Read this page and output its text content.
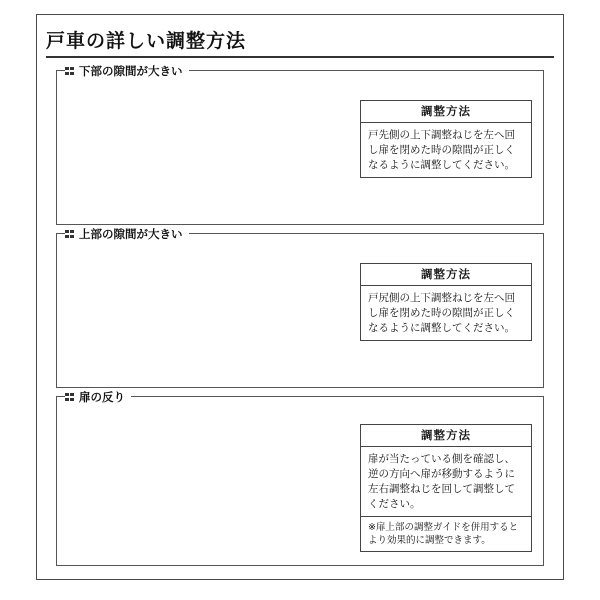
戸車の詳しい調整方法
下部の隙間が大きい
調整方法
戸先側の上下調整ねじを左へ回し扉を閉めた時の隙間が正しくなるように調整してください。
上部の隙間が大きい
調整方法
戸尻側の上下調整ねじを左へ回し扉を閉めた時の隙間が正しくなるように調整してください。
扉の反り
調整方法
扉が当たっている側を確認し、逆の方向へ扉が移動するように左右調整ねじを回して調整してください。
※扉上部の調整ガイドを併用するとより効果的に調整できます。
